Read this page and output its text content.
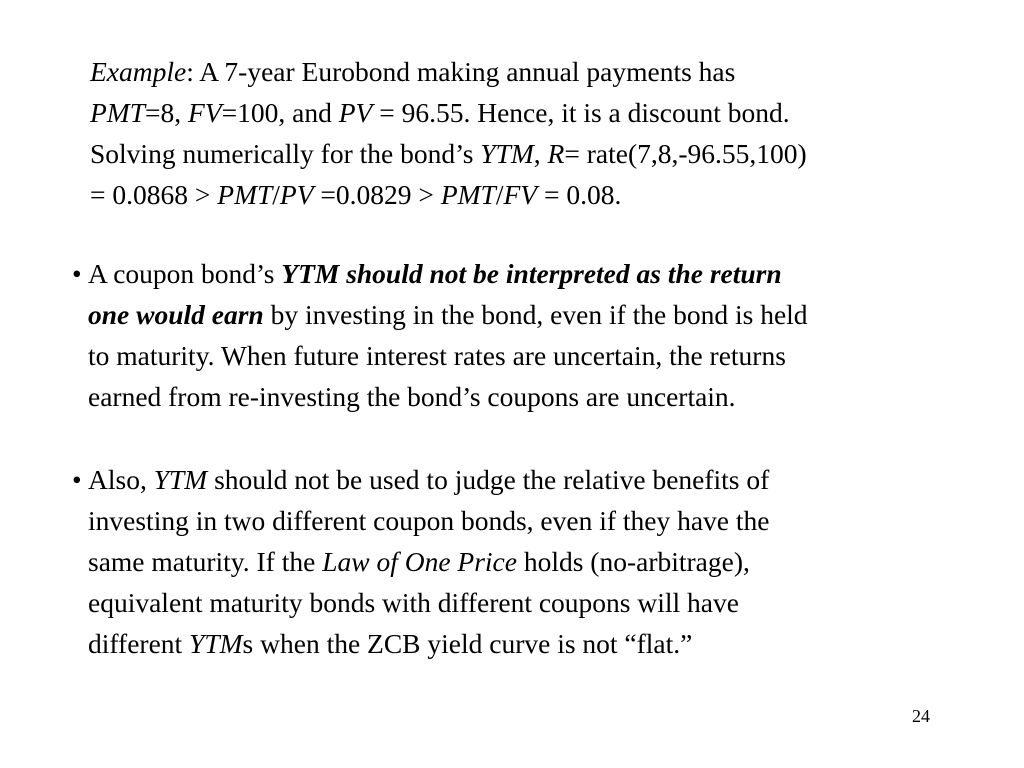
Example: A 7-year Eurobond making annual payments has
PMT=8, FV=100, and PV = 96.55. Hence, it is a discount bond.
Solving numerically for the bond’s YTM, R= rate(7,8,-96.55,100)
= 0.0868 > PMT/PV =0.0829 > PMT/FV = 0.08.
• A coupon bond’s YTM should not be interpreted as the return
one would earn by investing in the bond, even if the bond is held
to maturity. When future interest rates are uncertain, the returns
earned from re-investing the bond’s coupons are uncertain.
• Also, YTM should not be used to judge the relative benefits of
investing in two different coupon bonds, even if they have the
same maturity. If the Law of One Price holds (no-arbitrage),
equivalent maturity bonds with different coupons will have
different YTMs when the ZCB yield curve is not “flat.”
24
